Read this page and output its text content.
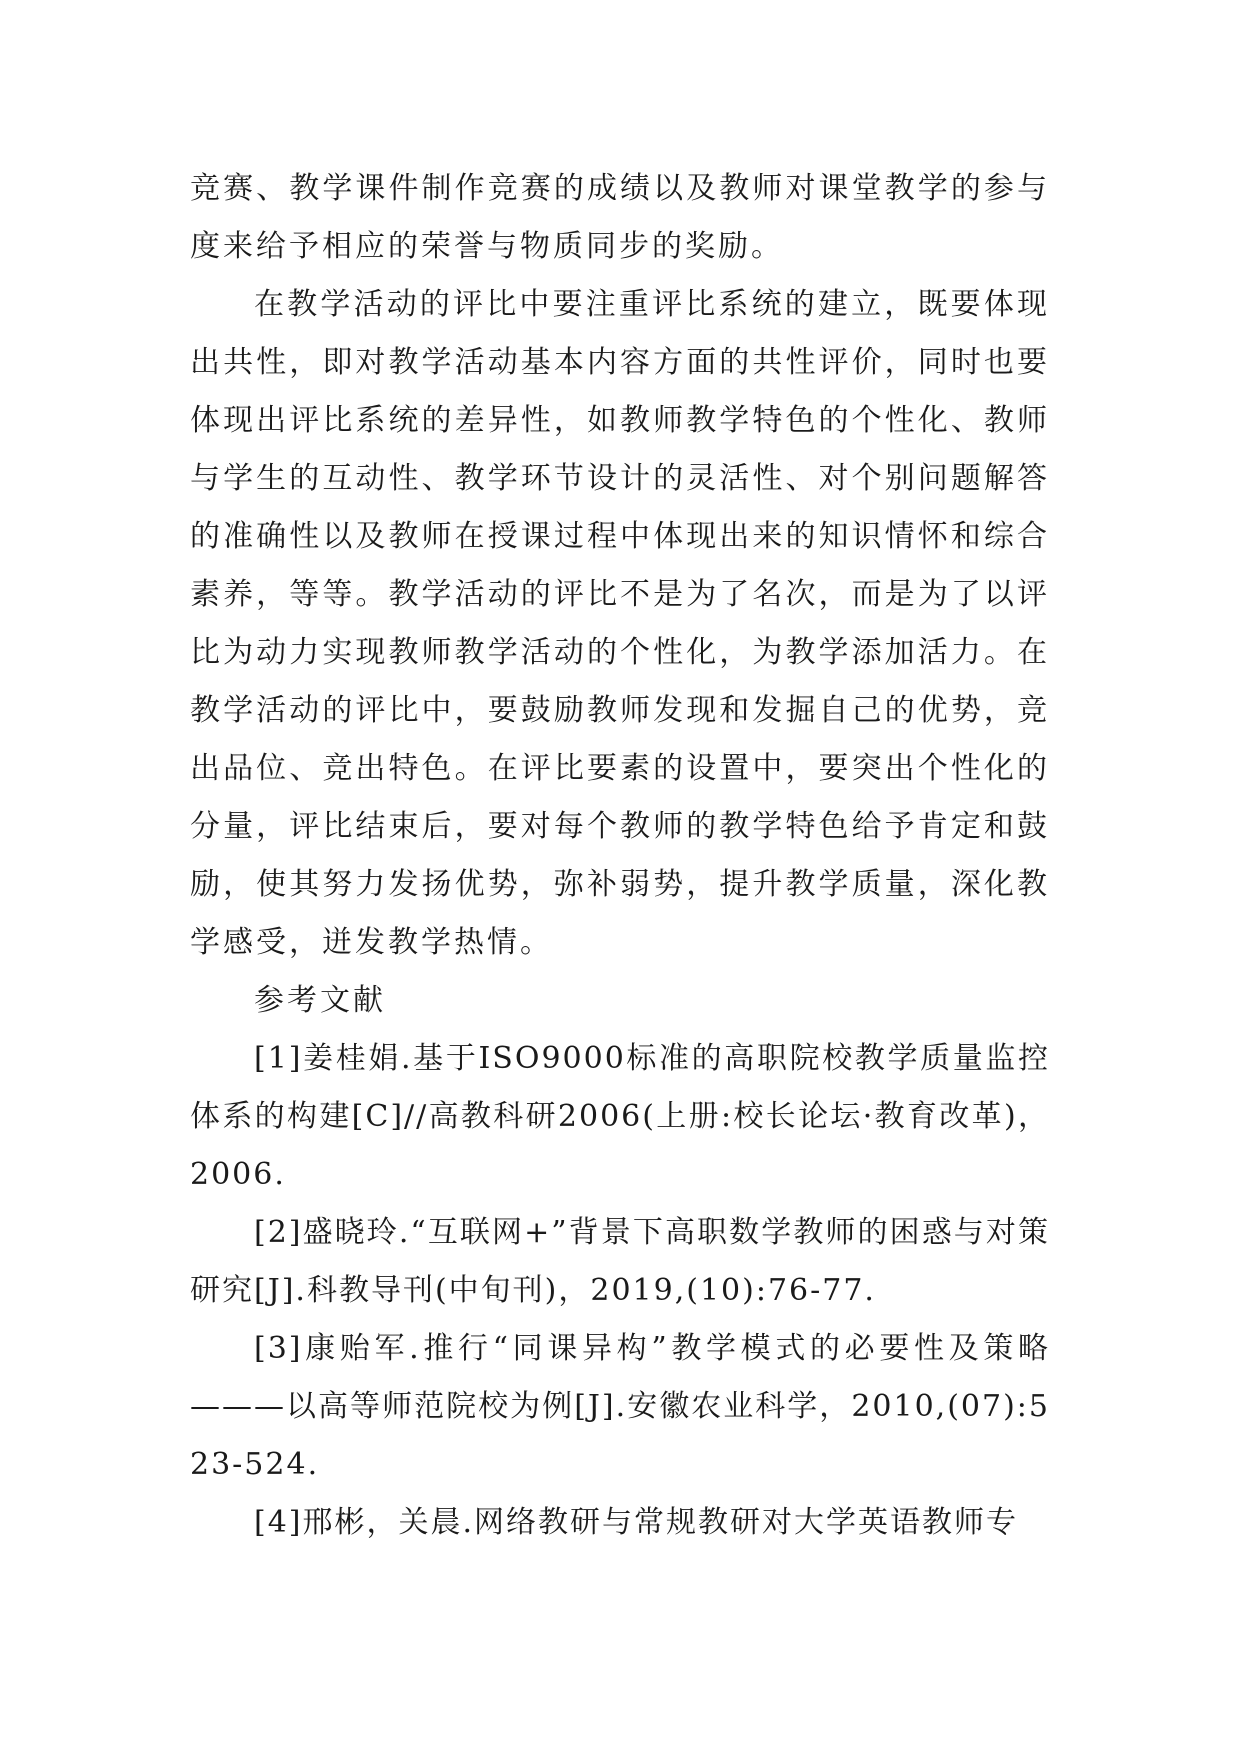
竞赛、教学课件制作竞赛的成绩以及教师对课堂教学的参与度来给予相应的荣誉与物质同步的奖励。

在教学活动的评比中要注重评比系统的建立，既要体现出共性，即对教学活动基本内容方面的共性评价，同时也要体现出评比系统的差异性，如教师教学特色的个性化、教师与学生的互动性、教学环节设计的灵活性、对个别问题解答的准确性以及教师在授课过程中体现出来的知识情怀和综合素养，等等。教学活动的评比不是为了名次，而是为了以评比为动力实现教师教学活动的个性化，为教学添加活力。在教学活动的评比中，要鼓励教师发现和发掘自己的优势，竞出品位、竞出特色。在评比要素的设置中，要突出个性化的分量，评比结束后，要对每个教师的教学特色给予肯定和鼓励，使其努力发扬优势，弥补弱势，提升教学质量，深化教学感受，迸发教学热情。

参考文献

[1]姜桂娟.基于ISO9000标准的高职院校教学质量监控体系的构建[C]//高教科研2006(上册:校长论坛·教育改革)，2006.

[2]盛晓玲.“互联网+”背景下高职数学教师的困惑与对策研究[J].科教导刊(中旬刊)，2019,(10):76-77.

[3]康贻军.推行“同课异构”教学模式的必要性及策略———以高等师范院校为例[J].安徽农业科学，2010,(07):523-524.

[4]邢彬，关晨.网络教研与常规教研对大学英语教师专
